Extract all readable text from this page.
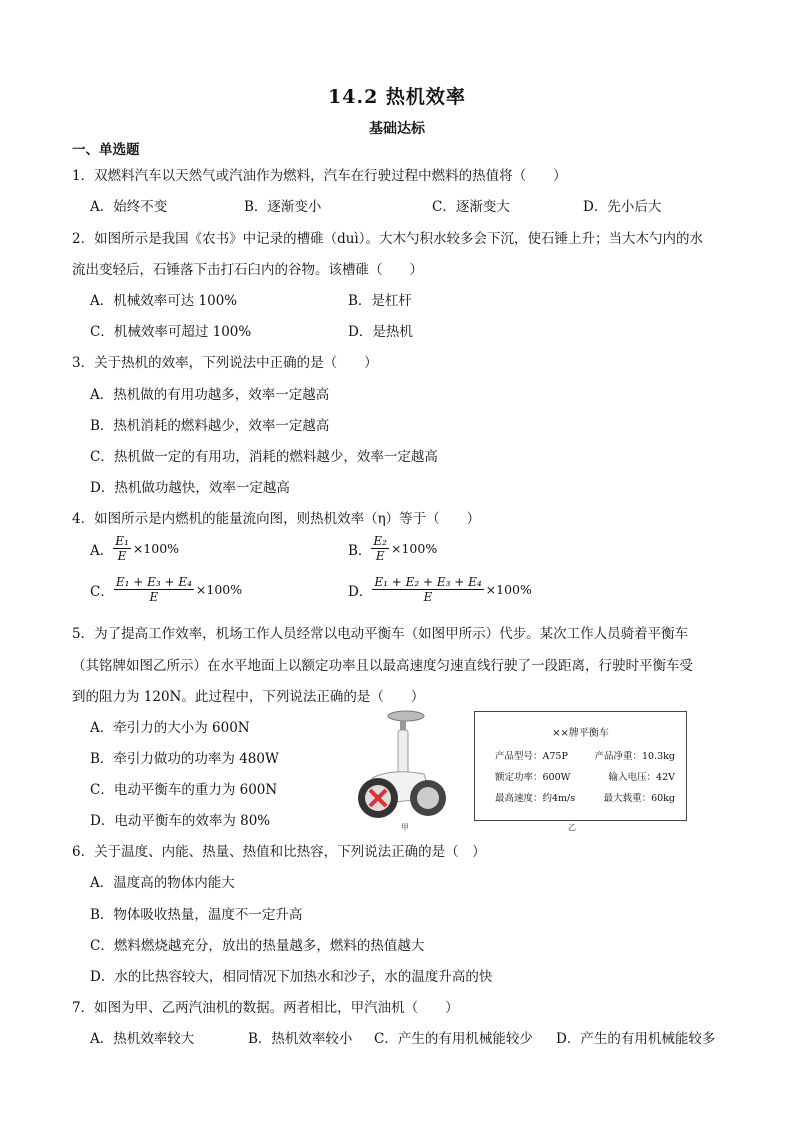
14.2 热机效率
基础达标
一、单选题
1．双燃料汽车以天然气或汽油作为燃料，汽车在行驶过程中燃料的热值将（　　）
A．始终不变	B．逐渐变小	C．逐渐变大	D．先小后大
2．如图所示是我国《农书》中记录的槽碓（duì）。大木勺积水较多会下沉，使石锤上升；当大木勺内的水
流出变轻后，石锤落下击打石臼内的谷物。该槽碓（　　）
A．机械效率可达 100%	B．是杠杆
C．机械效率可超过 100%	D．是热机
3．关于热机的效率，下列说法中正确的是（　　）
A．热机做的有用功越多，效率一定越高
B．热机消耗的燃料越少，效率一定越高
C．热机做一定的有用功，消耗的燃料越少，效率一定越高
D．热机做功越快，效率一定越高
4．如图所示是内燃机的能量流向图，则热机效率（η）等于（　　）
A． $\frac{\text{E₁}}{E} \times 100\%$	B． $\frac{\text{E₂}}{E} \times 100\%$
C． $\frac{\text{E₁ + E₃ + E₄}}{E} \times 100\%$	D． $\frac{\text{E₁ + E₂ + E₃ + E₄}}{E} \times 100\%$
5．为了提高工作效率，机场工作人员经常以电动平衡车（如图甲所示）代步。某次工作人员骑着平衡车
（其铭牌如图乙所示）在水平地面上以额定功率且以最高速度匀速直线行驶了一段距离，行驶时平衡车受
到的阻力为 120N。此过程中，下列说法正确的是（　　）
A．牵引力的大小为 600N
B．牵引力做功的功率为 480W
C．电动平衡车的重力为 600N
D．电动平衡车的效率为 80%	甲
××牌平衡车
产品型号：A75P	产品净重：10.3kg
额定功率：600W	输入电压：42V
最高速度：约4m/s	最大载重：60kg
乙
6．关于温度、内能、热量、热值和比热容，下列说法正确的是（　）
A．温度高的物体内能大
B．物体吸收热量，温度不一定升高
C．燃料燃烧越充分，放出的热量越多，燃料的热值越大
D．水的比热容较大，相同情况下加热水和沙子，水的温度升高的快
7．如图为甲、乙两汽油机的数据。两者相比，甲汽油机（　　）
A．热机效率较大	B．热机效率较小 C．产生的有用机械能较少 D．产生的有用机械能较多
